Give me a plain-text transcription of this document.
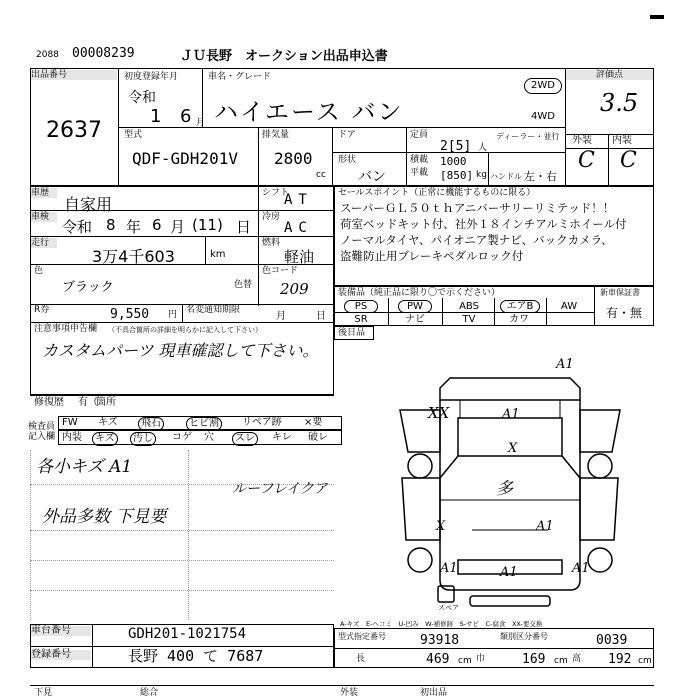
2088 00008239	ＪＵ長野　オークション出品申込書
出品番号
2637
初度登録年月
令和
1 6 月
車名・グレード
ハイエース バン
2WD
4WD
評価点
3.5
外装 内装
C C
型式
QDF-GDH201V
排気量
2800
cc
ドア	定員
2[5] 人
ディーラー・並行
形状
バン
積載 1000
平載 [850] kg ハンドル 左・右
車歴
自家用
シフト
AT
車検
令和 8 年 6 月 (11) 日
冷房
AC
走行
3万4千603	km
燃料
軽油
色
ブラック	色替
色コード
209
R券	9,550 円 名変通知期限
月	日
注意事項申告欄 （不具合箇所の詳細を明らかに記入して下さい）
カスタムパーツ 現車確認して下さい。
修復歴 有（
箇所
検査員記入欄
FW キズ	飛石	ヒビ割	リペア跡 ×要
内装	キズ	汚し	コゲ 穴	スレ	キレ 破レ
各小キズ A1
ルーフレイクア
外品多数 下見要
セールスポイント（正常に機能するものに限る）
スーパーＧＬ５０ｔｈアニバーサリーリミテッド！！
荷室ベッドキット付、社外１８インチアルミホイール付
ノーマルタイヤ、パイオニア製ナビ、バックカメラ、
盗難防止用ブレーキペダルロック付
装備品（純正品に限り〇で示ください）	新車保証書
有・無
PS	PW	ABS	エアB	AW
SR	ナビ	TV	カワ
後日品
A1
XX	A1
X
A1	A1	A1
X	A1
多
スペア
A-キズ　E-ヘコミ　U-凹み　W-補修跡　S-サビ　C-腐食　XX-要交換
車台番号	GDH201-1021754
登録番号	長野 400 て 7687
型式指定番号	93918	類別区分番号	0039
長	469 cm 巾	169 cm 高 192 cm
下見	総合	外装	初出品
